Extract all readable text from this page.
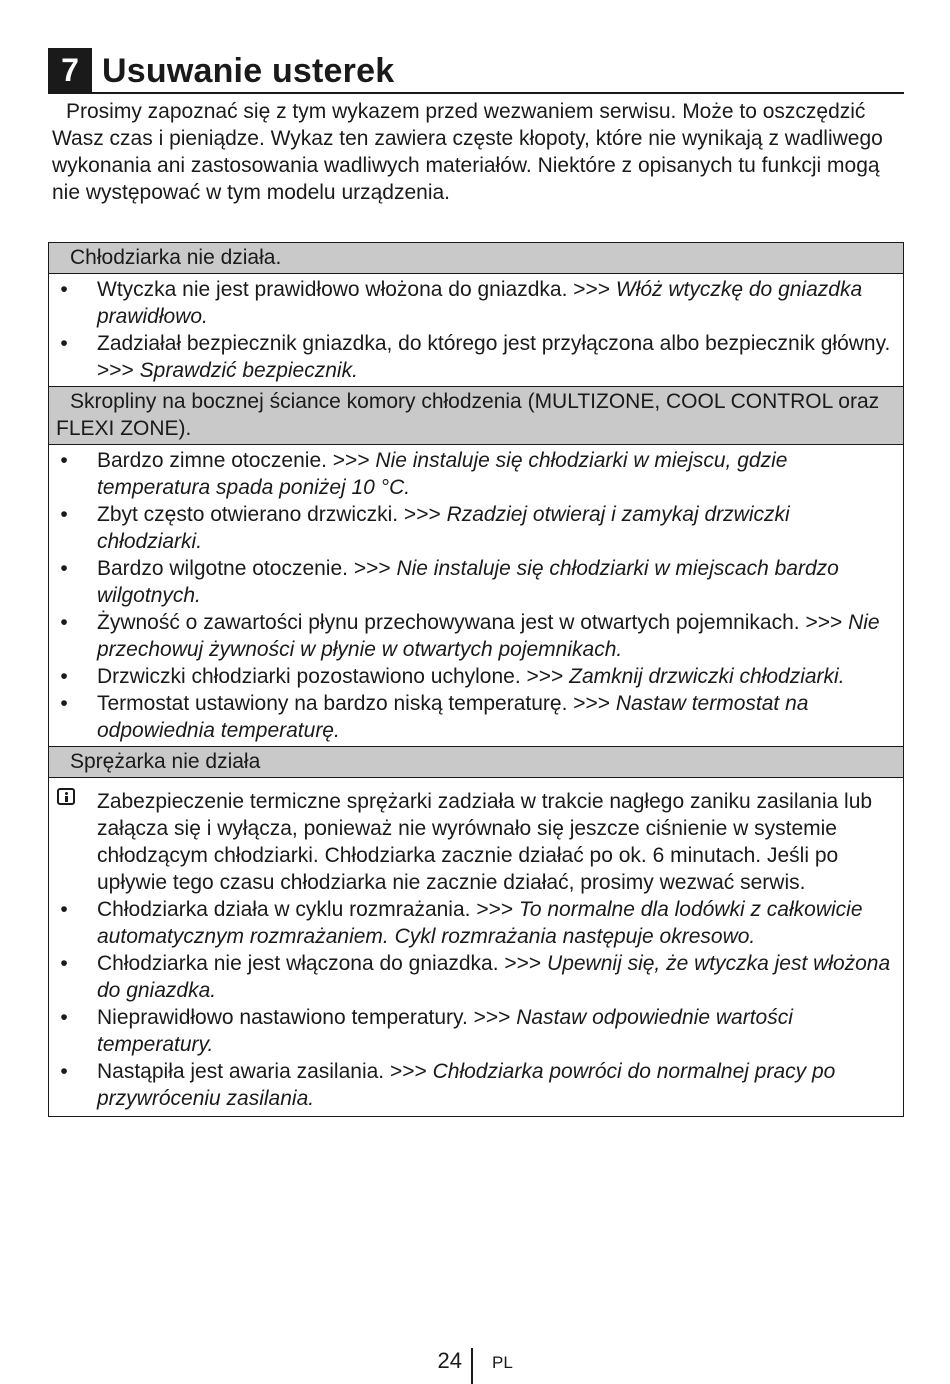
7 Usuwanie usterek

Prosimy zapoznać się z tym wykazem przed wezwaniem serwisu. Może to oszczędzić Wasz czas i pieniądze. Wykaz ten zawiera częste kłopoty, które nie wynikają z wadliwego wykonania ani zastosowania wadliwych materiałów. Niektóre z opisanych tu funkcji mogą nie występować w tym modelu urządzenia.

Chłodziarka nie działa.
• Wtyczka nie jest prawidłowo włożona do gniazdka. >>> Włóż wtyczkę do gniazdka prawidłowo.
• Zadziałał bezpiecznik gniazdka, do którego jest przyłączona albo bezpiecznik główny. >>> Sprawdzić bezpiecznik.
Skropliny na bocznej ściance komory chłodzenia (MULTIZONE, COOL CONTROL oraz FLEXI ZONE).
• Bardzo zimne otoczenie. >>> Nie instaluje się chłodziarki w miejscu, gdzie temperatura spada poniżej 10 °C.
• Zbyt często otwierano drzwiczki. >>> Rzadziej otwieraj i zamykaj drzwiczki chłodziarki.
• Bardzo wilgotne otoczenie. >>> Nie instaluje się chłodziarki w miejscach bardzo wilgotnych.
• Żywność o zawartości płynu przechowywana jest w otwartych pojemnikach. >>> Nie przechowuj żywności w płynie w otwartych pojemnikach.
• Drzwiczki chłodziarki pozostawiono uchylone. >>> Zamknij drzwiczki chłodziarki.
• Termostat ustawiony na bardzo niską temperaturę. >>> Nastaw termostat na odpowiednia temperaturę.
Sprężarka nie działa
Zabezpieczenie termiczne sprężarki zadziała w trakcie nagłego zaniku zasilania lub załącza się i wyłącza, ponieważ nie wyrównało się jeszcze ciśnienie w systemie chłodzącym chłodziarki. Chłodziarka zacznie działać po ok. 6 minutach. Jeśli po upływie tego czasu chłodziarka nie zacznie działać, prosimy wezwać serwis.
• Chłodziarka działa w cyklu rozmrażania. >>> To normalne dla lodówki z całkowicie automatycznym rozmrażaniem. Cykl rozmrażania następuje okresowo.
• Chłodziarka nie jest włączona do gniazdka. >>> Upewnij się, że wtyczka jest włożona do gniazdka.
• Nieprawidłowo nastawiono temperatury. >>> Nastaw odpowiednie wartości temperatury.
• Nastąpiła jest awaria zasilania. >>> Chłodziarka powróci do normalnej pracy po przywróceniu zasilania.
24 PL
